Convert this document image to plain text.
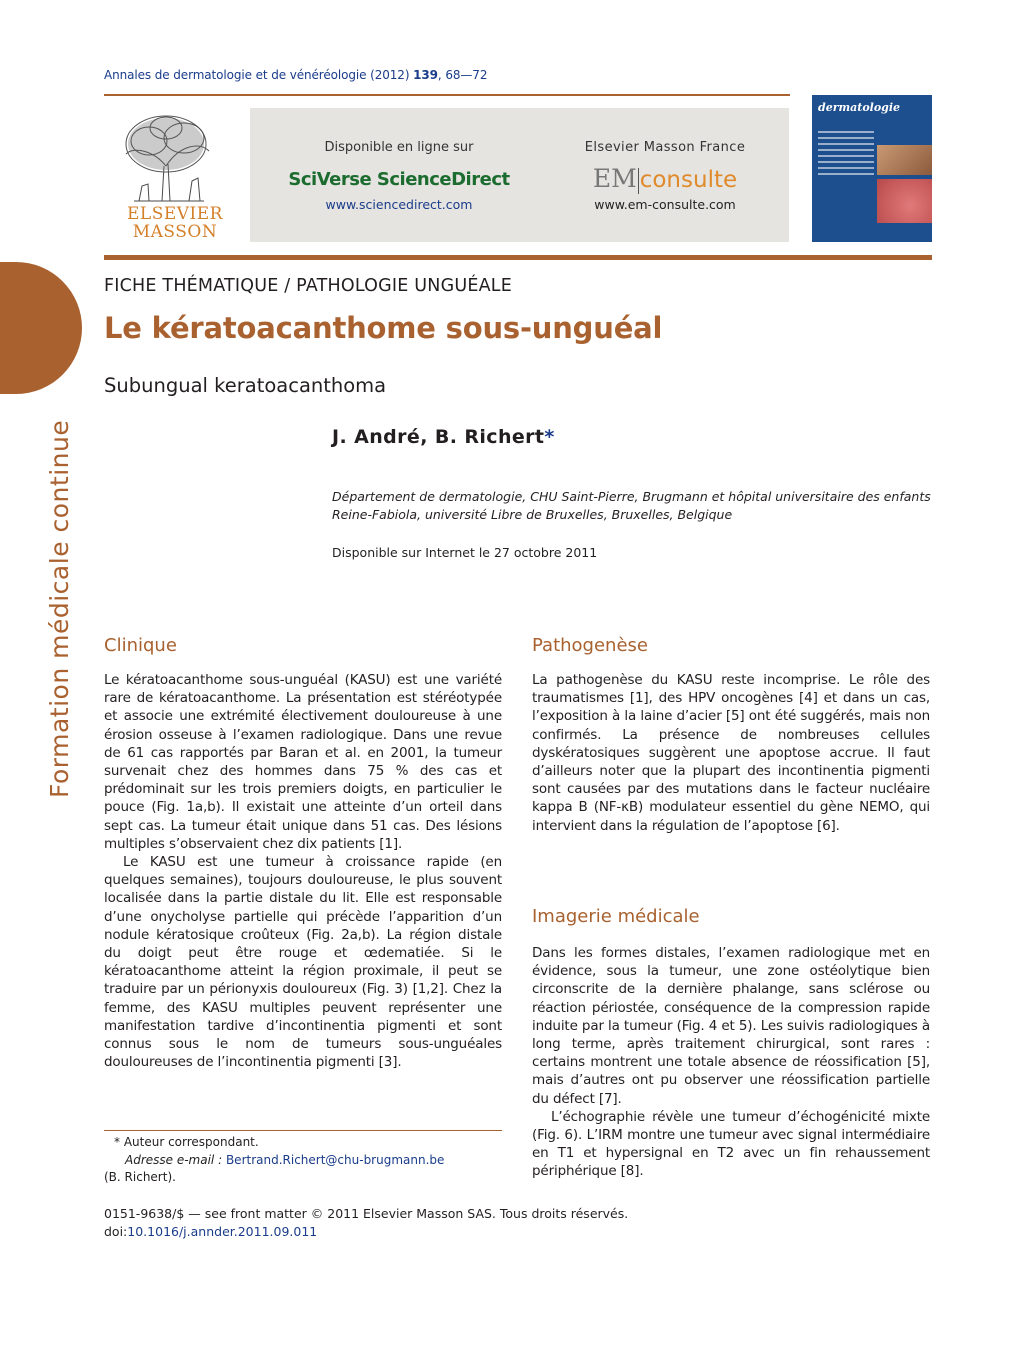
Annales de dermatologie et de vénéréologie (2012) 139, 68—72
ELSEVIER
MASSON
Disponible en ligne sur
SciVerse ScienceDirect
www.sciencedirect.com
Elsevier Masson France
EM consulte
www.em-consulte.com
dermatologie
Formation médicale continue
FICHE THÉMATIQUE / PATHOLOGIE UNGUÉALE
Le kératoacanthome sous-unguéal
Subungual keratoacanthoma
J. André, B. Richert*
Département de dermatologie, CHU Saint-Pierre, Brugmann et hôpital universitaire des enfants Reine-Fabiola, université Libre de Bruxelles, Bruxelles, Belgique
Disponible sur Internet le 27 octobre 2011
Clinique

Le kératoacanthome sous-unguéal (KASU) est une variété rare de kératoacanthome. La présentation est stéréotypée et associe une extrémité électivement douloureuse à une érosion osseuse à l’examen radiologique. Dans une revue de 61 cas rapportés par Baran et al. en 2001, la tumeur survenait chez des hommes dans 75 % des cas et prédominait sur les trois premiers doigts, en particulier le pouce (Fig. 1a,b). Il existait une atteinte d’un orteil dans sept cas. La tumeur était unique dans 51 cas. Des lésions multiples s’observaient chez dix patients [1].

Le KASU est une tumeur à croissance rapide (en quelques semaines), toujours douloureuse, le plus souvent localisée dans la partie distale du lit. Elle est responsable d’une onycholyse partielle qui précède l’apparition d’un nodule kératosique croûteux (Fig. 2a,b). La région distale du doigt peut être rouge et œdematiée. Si le kératoacanthome atteint la région proximale, il peut se traduire par un périonyxis douloureux (Fig. 3) [1,2]. Chez la femme, des KASU multiples peuvent représenter une manifestation tardive d’incontinentia pigmenti et sont connus sous le nom de tumeurs sous-unguéales douloureuses de l’incontinentia pigmenti [3].

Pathogenèse

La pathogenèse du KASU reste incomprise. Le rôle des traumatismes [1], des HPV oncogènes [4] et dans un cas, l’exposition à la laine d’acier [5] ont été suggérés, mais non confirmés. La présence de nombreuses cellules dyskératosiques suggèrent une apoptose accrue. Il faut d’ailleurs noter que la plupart des incontinentia pigmenti sont causées par des mutations dans le facteur nucléaire kappa B (NF-κB) modulateur essentiel du gène NEMO, qui intervient dans la régulation de l’apoptose [6].

Imagerie médicale

Dans les formes distales, l’examen radiologique met en évidence, sous la tumeur, une zone ostéolytique bien circonscrite de la dernière phalange, sans sclérose ou réaction périostée, conséquence de la compression rapide induite par la tumeur (Fig. 4 et 5). Les suivis radiologiques à long terme, après traitement chirurgical, sont rares : certains montrent une totale absence de réossification [5], mais d’autres ont pu observer une réossification partielle du défect [7].

L’échographie révèle une tumeur d’échogénicité mixte (Fig. 6). L’IRM montre une tumeur avec signal intermédiaire en T1 et hypersignal en T2 avec un fin rehaussement périphérique [8].

* Auteur correspondant.
Adresse e-mail : Bertrand.Richert@chu-brugmann.be
(B. Richert).
0151-9638/$ — see front matter © 2011 Elsevier Masson SAS. Tous droits réservés.
doi:10.1016/j.annder.2011.09.011
